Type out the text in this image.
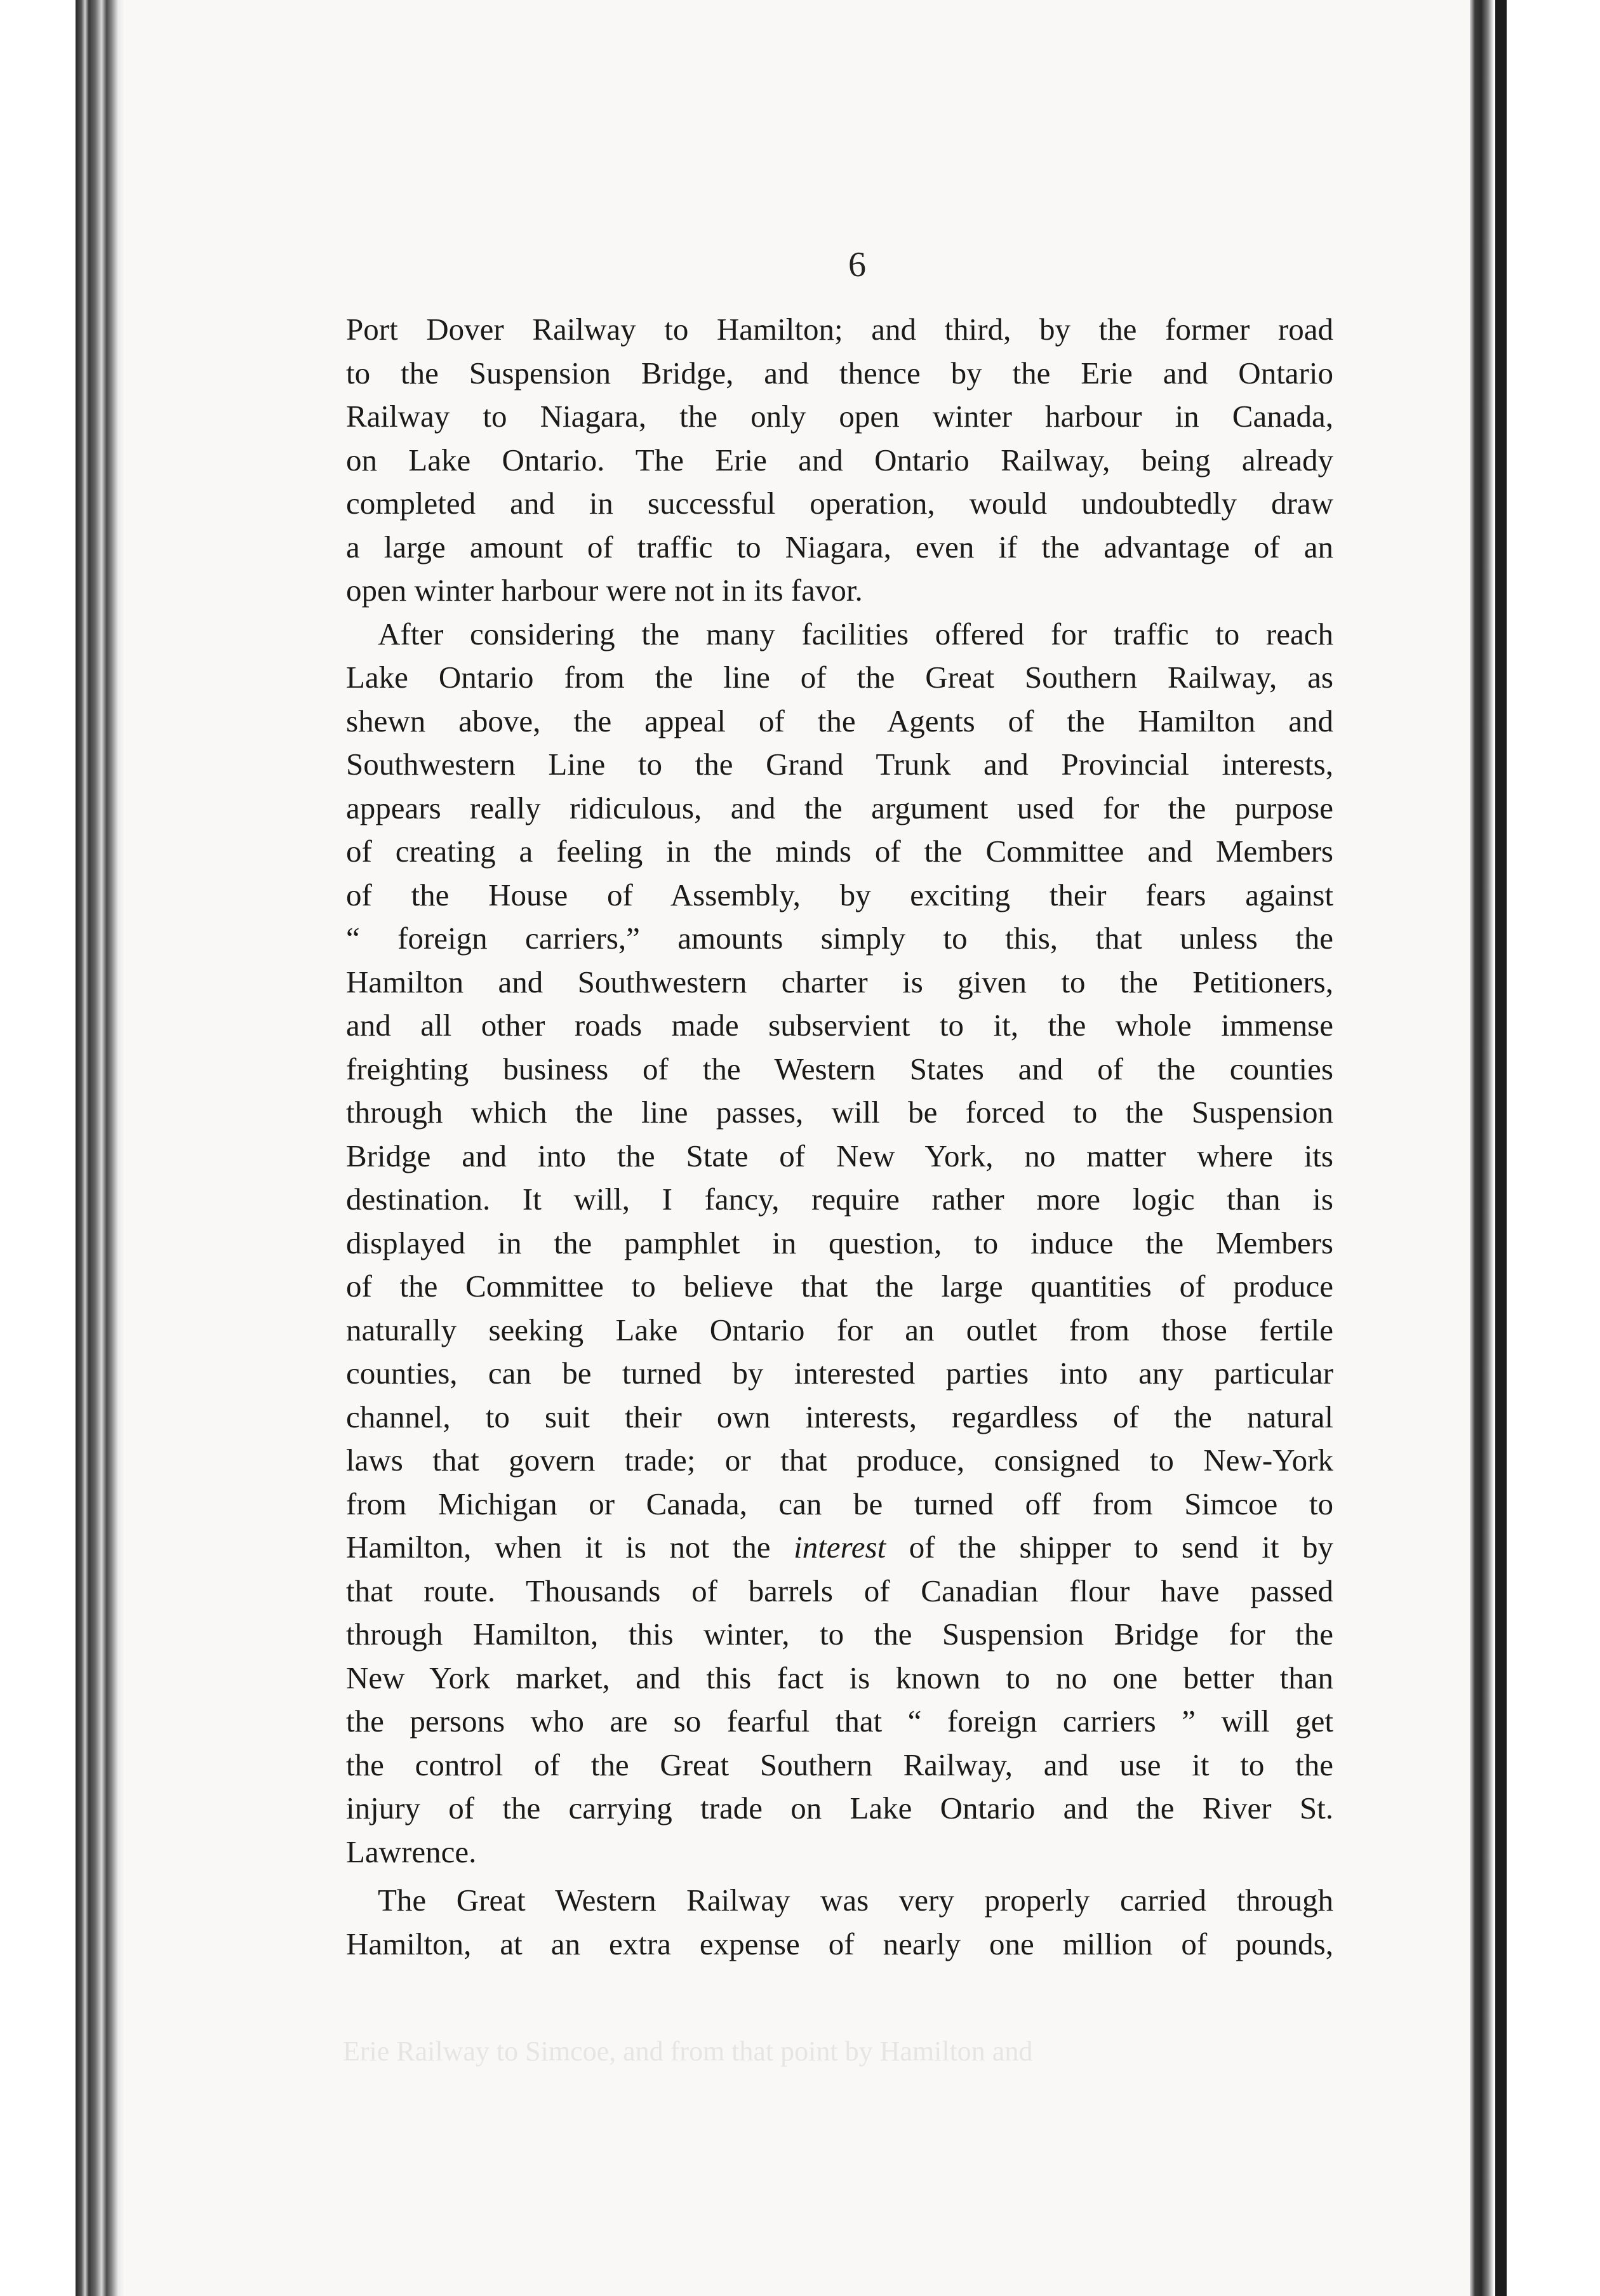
6
Port Dover Railway to Hamilton; and third, by the former road
to the Suspension Bridge, and thence by the Erie and Ontario
Railway to Niagara, the only open winter harbour in Canada,
on Lake Ontario. The Erie and Ontario Railway, being already
completed and in successful operation, would undoubtedly draw
a large amount of traffic to Niagara, even if the advantage of an
open winter harbour were not in its favor.
After considering the many facilities offered for traffic to reach
Lake Ontario from the line of the Great Southern Railway, as
shewn above, the appeal of the Agents of the Hamilton and
Southwestern Line to the Grand Trunk and Provincial interests,
appears really ridiculous, and the argument used for the purpose
of creating a feeling in the minds of the Committee and Members
of the House of Assembly, by exciting their fears against
“ foreign carriers,” amounts simply to this, that unless the
Hamilton and Southwestern charter is given to the Petitioners,
and all other roads made subservient to it, the whole immense
freighting business of the Western States and of the counties
through which the line passes, will be forced to the Suspension
Bridge and into the State of New York, no matter where its
destination. It will, I fancy, require rather more logic than is
displayed in the pamphlet in question, to induce the Members
of the Committee to believe that the large quantities of produce
naturally seeking Lake Ontario for an outlet from those fertile
counties, can be turned by interested parties into any particular
channel, to suit their own interests, regardless of the natural
laws that govern trade; or that produce, consigned to New-York
from Michigan or Canada, can be turned off from Simcoe to
Hamilton, when it is not the interest of the shipper to send it by
that route. Thousands of barrels of Canadian flour have passed
through Hamilton, this winter, to the Suspension Bridge for the
New York market, and this fact is known to no one better than
the persons who are so fearful that “ foreign carriers ” will get
the control of the Great Southern Railway, and use it to the
injury of the carrying trade on Lake Ontario and the River St.
Lawrence.
The Great Western Railway was very properly carried through
Hamilton, at an extra expense of nearly one million of pounds,
Erie Railway to Simcoe, and from that point by Hamilton and
